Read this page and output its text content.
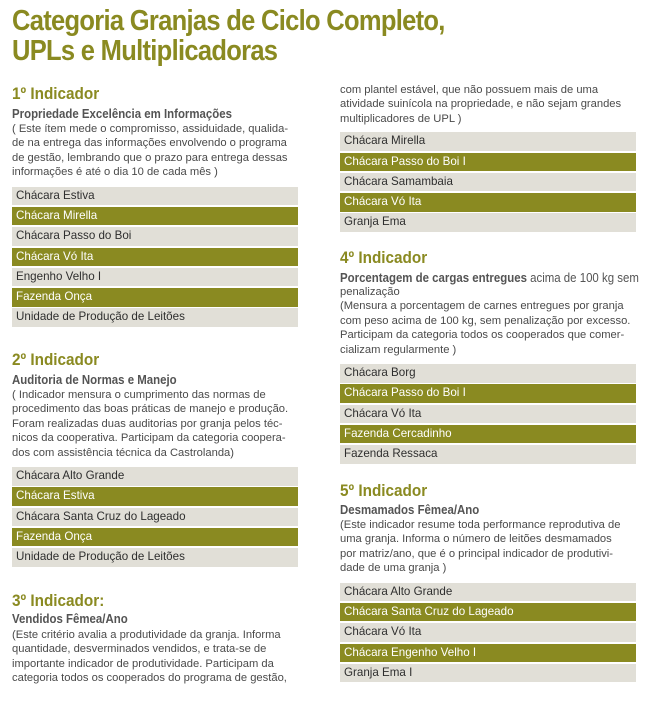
Categoria Granjas de Ciclo Completo,
UPLs e Multiplicadoras
1º Indicador
Propriedade Excelência em Informações
( Este ítem mede o compromisso, assiduidade, qualida-
de na entrega das informações envolvendo o programa
de gestão, lembrando que o prazo para entrega dessas
informações é até o dia 10 de cada mês )
Chácara Estiva
Chácara Mirella
Chácara Passo do Boi
Chácara Vó Ita
Engenho Velho I
Fazenda Onça
Unidade de Produção de Leitões
2º Indicador
Auditoria de Normas e Manejo
( Indicador mensura o cumprimento das normas de
procedimento das boas práticas de manejo e produção.
Foram realizadas duas auditorias por granja pelos téc-
nicos da cooperativa. Participam da categoria coopera-
dos com assistência técnica da Castrolanda)
Chácara Alto Grande
Chácara Estiva
Chácara Santa Cruz do Lageado
Fazenda Onça
Unidade de Produção de Leitões
3º Indicador:
Vendidos Fêmea/Ano
(Este critério avalia a produtividade da granja. Informa
quantidade, desverminados vendidos, e trata-se de
importante indicador de produtividade. Participam da
categoria todos os cooperados do programa de gestão,
com plantel estável, que não possuem mais de uma
atividade suinícola na propriedade, e não sejam grandes
multiplicadores de UPL )
Chácara Mirella
Chácara Passo do Boi I
Chácara Samambaia
Chácara Vó Ita
Granja Ema
4º Indicador
Porcentagem de cargas entregues acima de 100 kg sem
penalização
(Mensura a porcentagem de carnes entregues por granja
com peso acima de 100 kg, sem penalização por excesso.
Participam da categoria todos os cooperados que comer-
cializam regularmente )
Chácara Borg
Chácara Passo do Boi I
Chácara Vó Ita
Fazenda Cercadinho
Fazenda Ressaca
5º Indicador
Desmamados Fêmea/Ano
(Este indicador resume toda performance reprodutiva de
uma granja. Informa o número de leitões desmamados
por matriz/ano, que é o principal indicador de produtivi-
dade de uma granja )
Chácara Alto Grande
Chácara Santa Cruz do Lageado
Chácara Vó Ita
Chácara Engenho Velho I
Granja Ema I
